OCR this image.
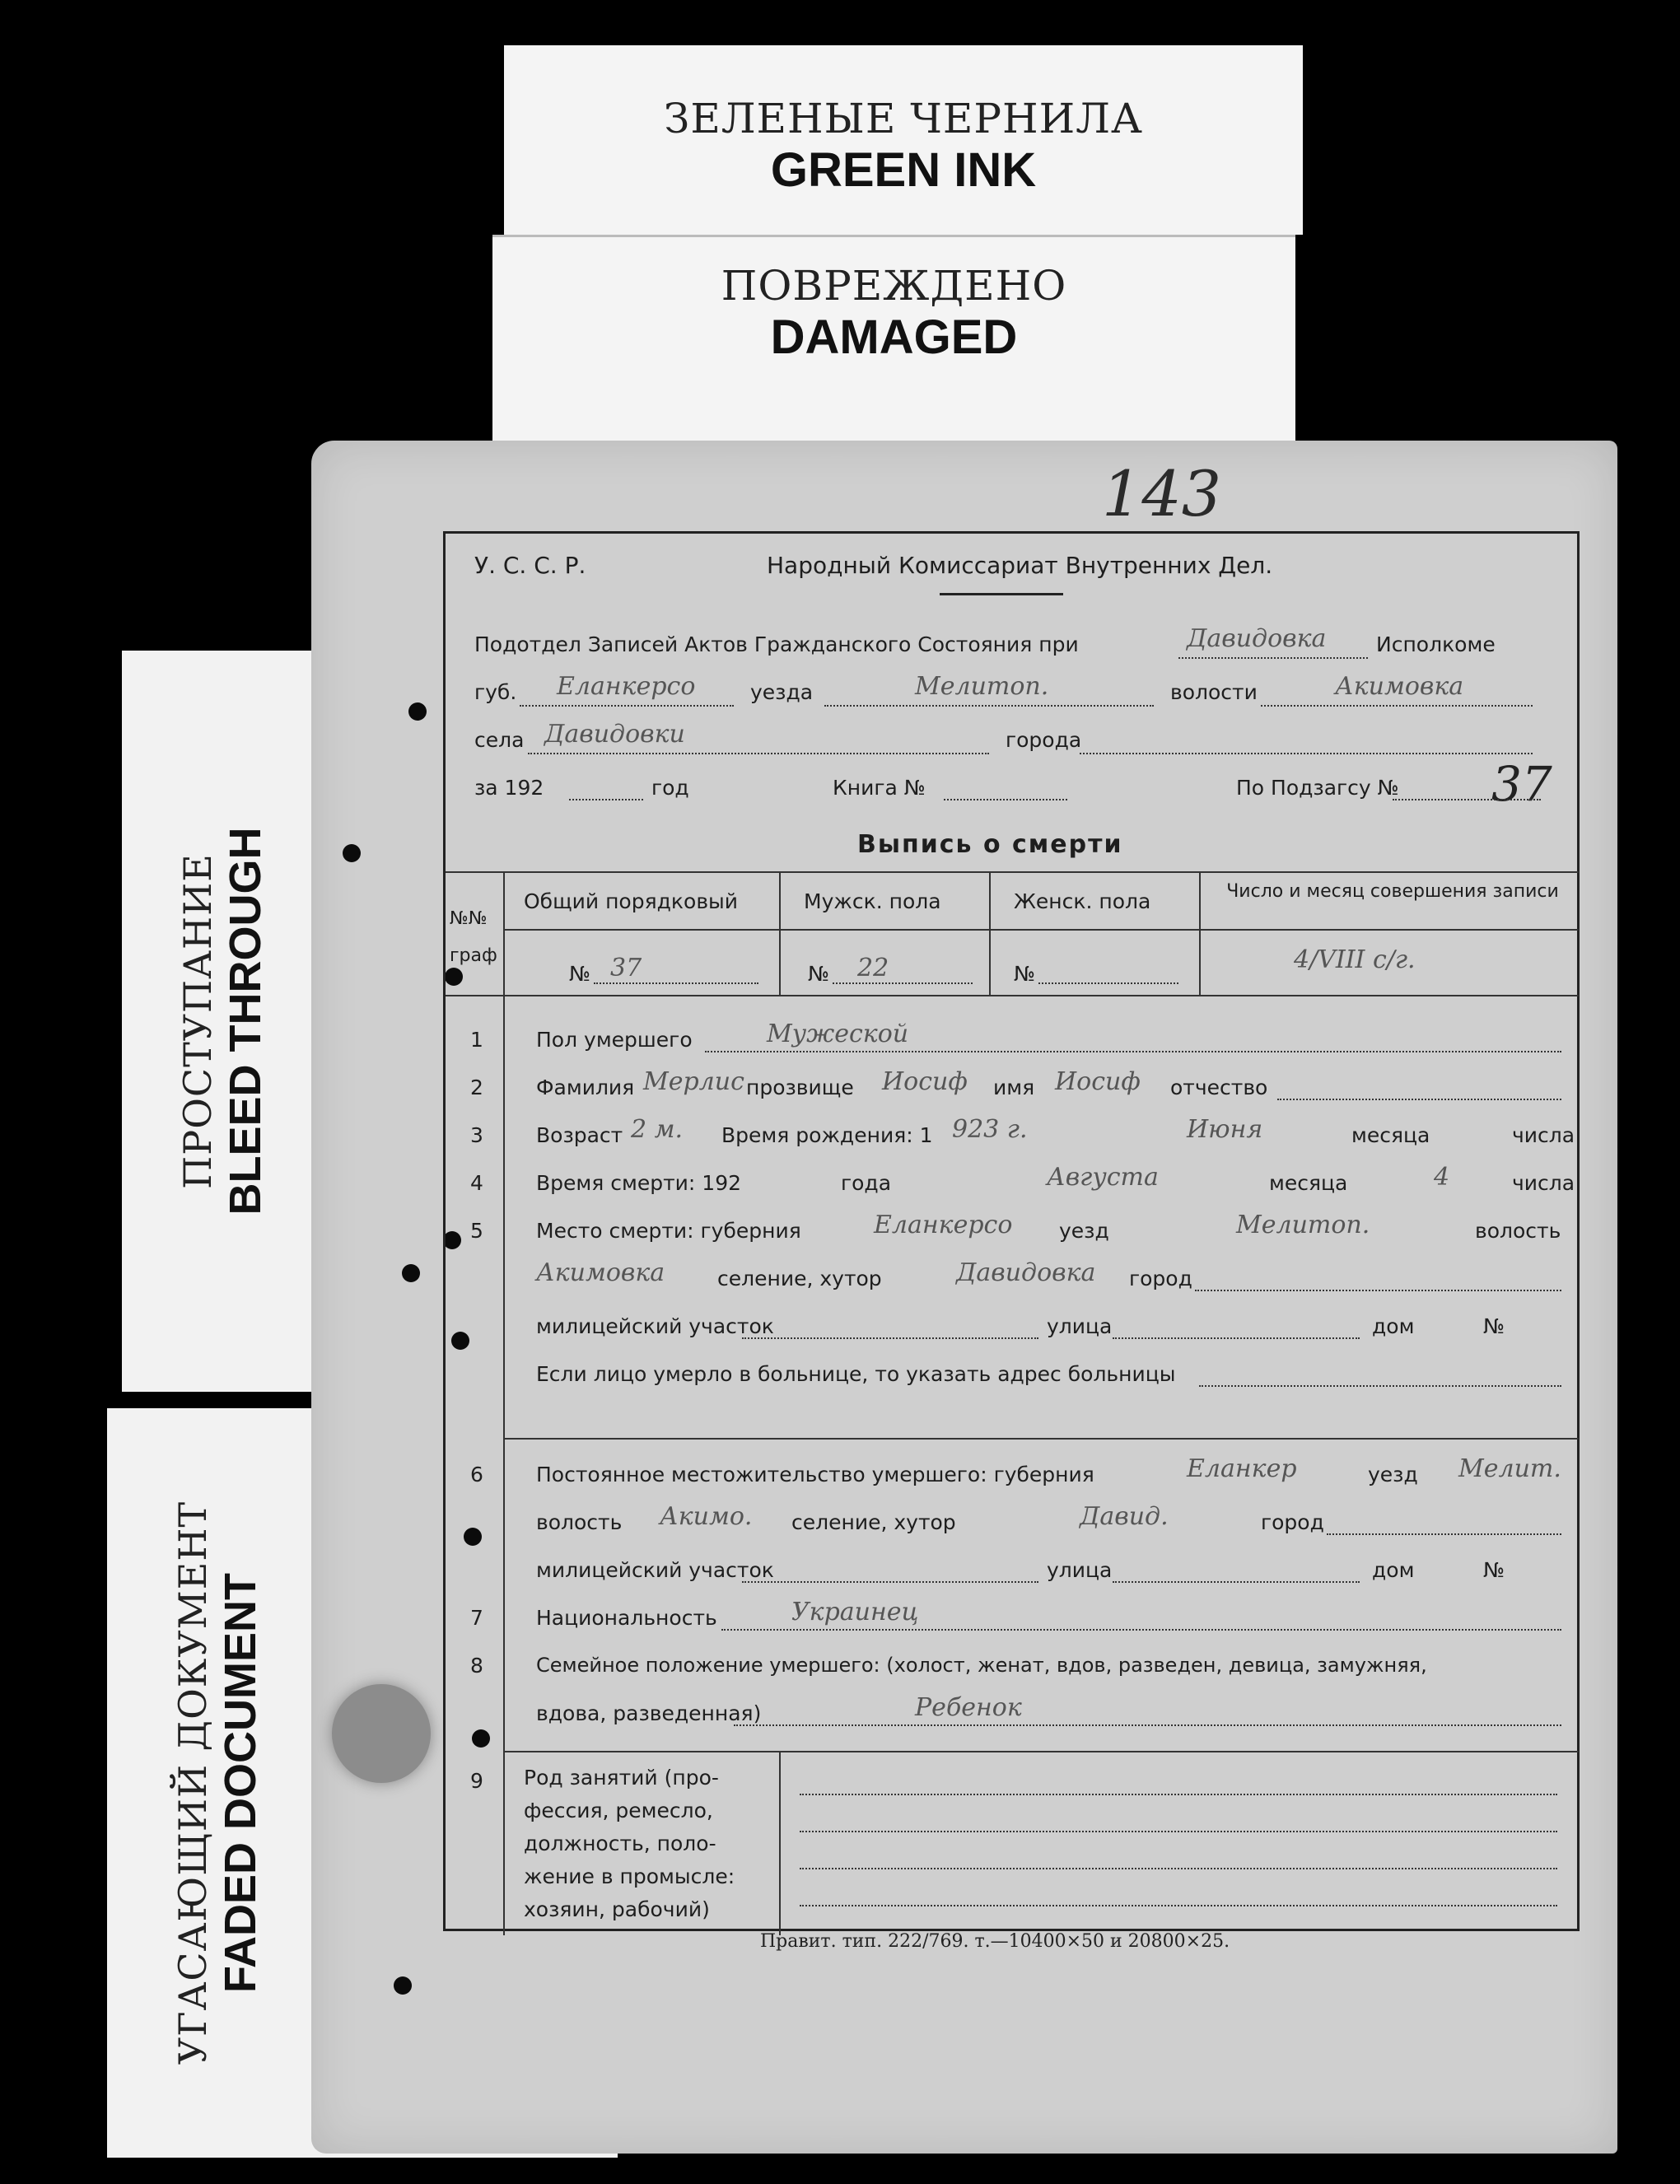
ЗЕЛЕНЫЕ ЧЕРНИЛА
GREEN INK
ПОВРЕЖДЕНО
DAMAGED
ПРОСТУПАНИЕ BLEED THROUGH
УГАСАЮЩИЙ ДОКУМЕНТ FADED DOCUMENT
143
У. С. С. Р.	Народный Комиссариат Внутренних Дел.
Подотдел Записей Актов Гражданского Состояния при	Давидовка Исполкоме
губ. Еланкерсо	уезда	Мелитоп.	волости	Акимовка
села Давидовки	города
за 192	год	Книга №	По Подзагсу № 37
Выпись о смерти
№№
граф
Общий порядковый	Мужск. пола	Женск. пола	Число и месяц совершения записи
№ 37	№ 22	№	4/VIII с/г.
1	Пол умершего	Мужеской
2	Фамилия Мерлис прозвище Иосиф имя Иосиф отчество
3	Возраст 2 м. Время рождения: 1 923 г.	Июня	месяца	числа
4	Время смерти: 192	года	Августа	месяца	4	числа
5	Место смерти: губерния	Еланкерсо уезд	Мелитоп.	волость
Акимовка	селение, хутор	Давидовка город
милицейский участок	улица	дом	№
Если лицо умерло в больнице, то указать адрес больницы
6	Постоянное местожительство умершего: губерния	Еланкер	уезд Мелит.
волость Акимо. селение, хутор	Давид.	город
милицейский участок	улица	дом	№
7	Национальность	Украинец
8	Семейное положение умершего: (холост, женат, вдов, разведен, девица, замужняя,
вдова, разведенная)	Ребенок
9 Род занятий (про-
фессия, ремесло,
должность, поло-
жение в промысле:
хозяин, рабочий)
Правит. тип. 222/769. т.—10400×50 и 20800×25.
